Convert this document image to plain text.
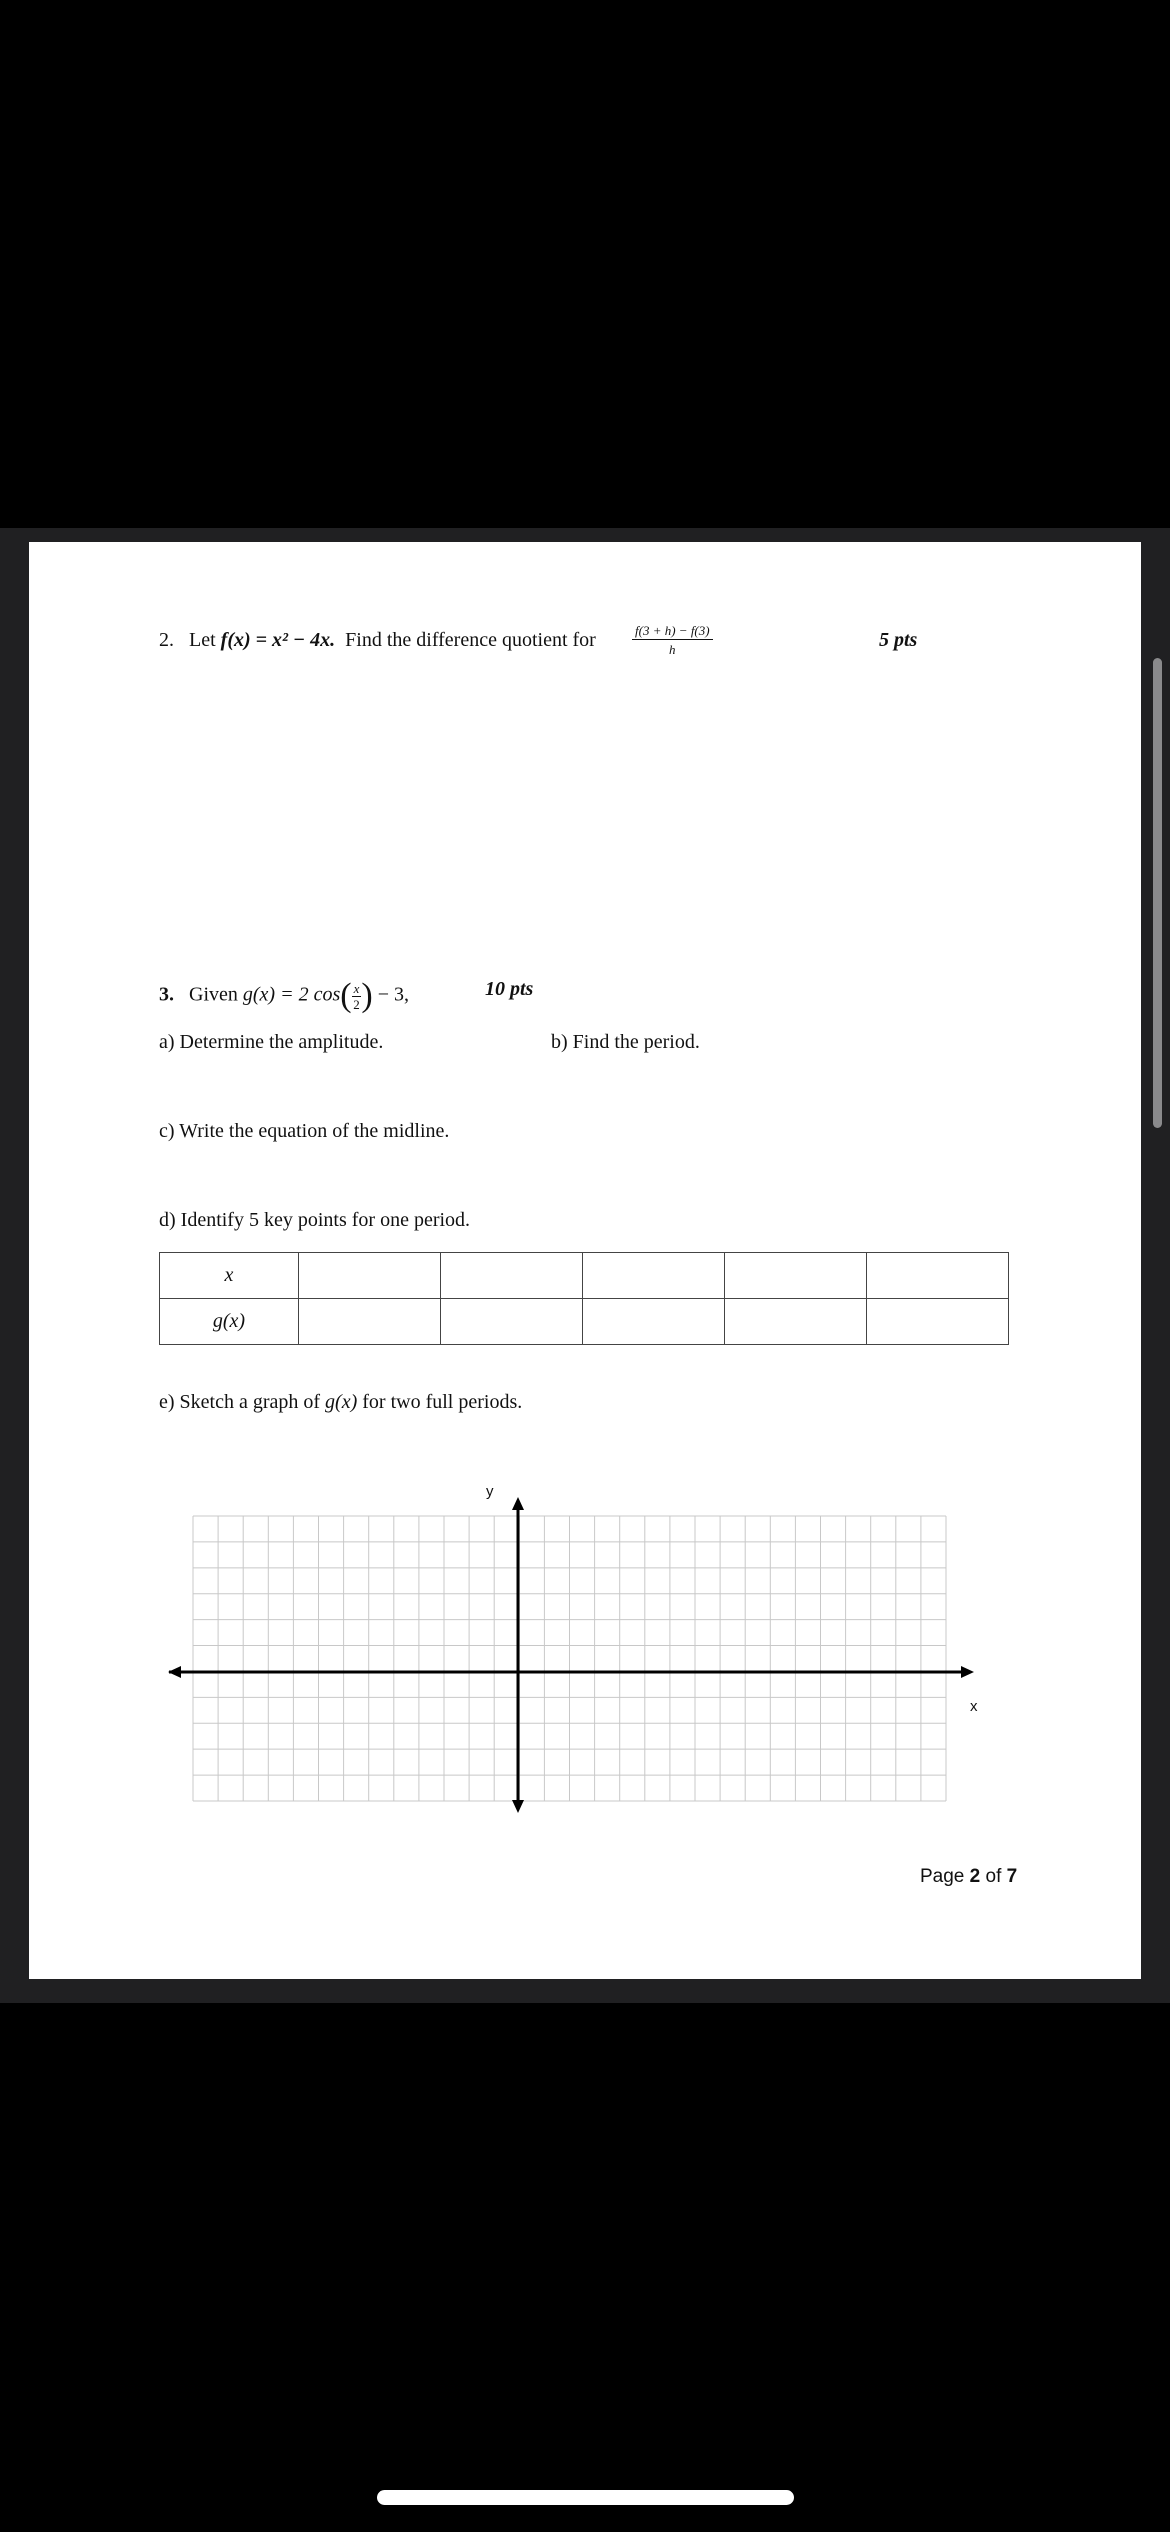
2. Let f(x) = x² − 4x. Find the difference quotient for	$\frac{f(3 + h) - f(3)}{h}$	5 pts
3. Given g(x) = 2 $\cos( \frac{x}{2}$ ) − 3,	10 pts
a) Determine the amplitude.	b) Find the period.
c) Write the equation of the midline.
d) Identify 5 key points for one period.
x					
g(x)					
e) Sketch a graph of g(x) for two full periods.
y
x
Page 2 of 7
